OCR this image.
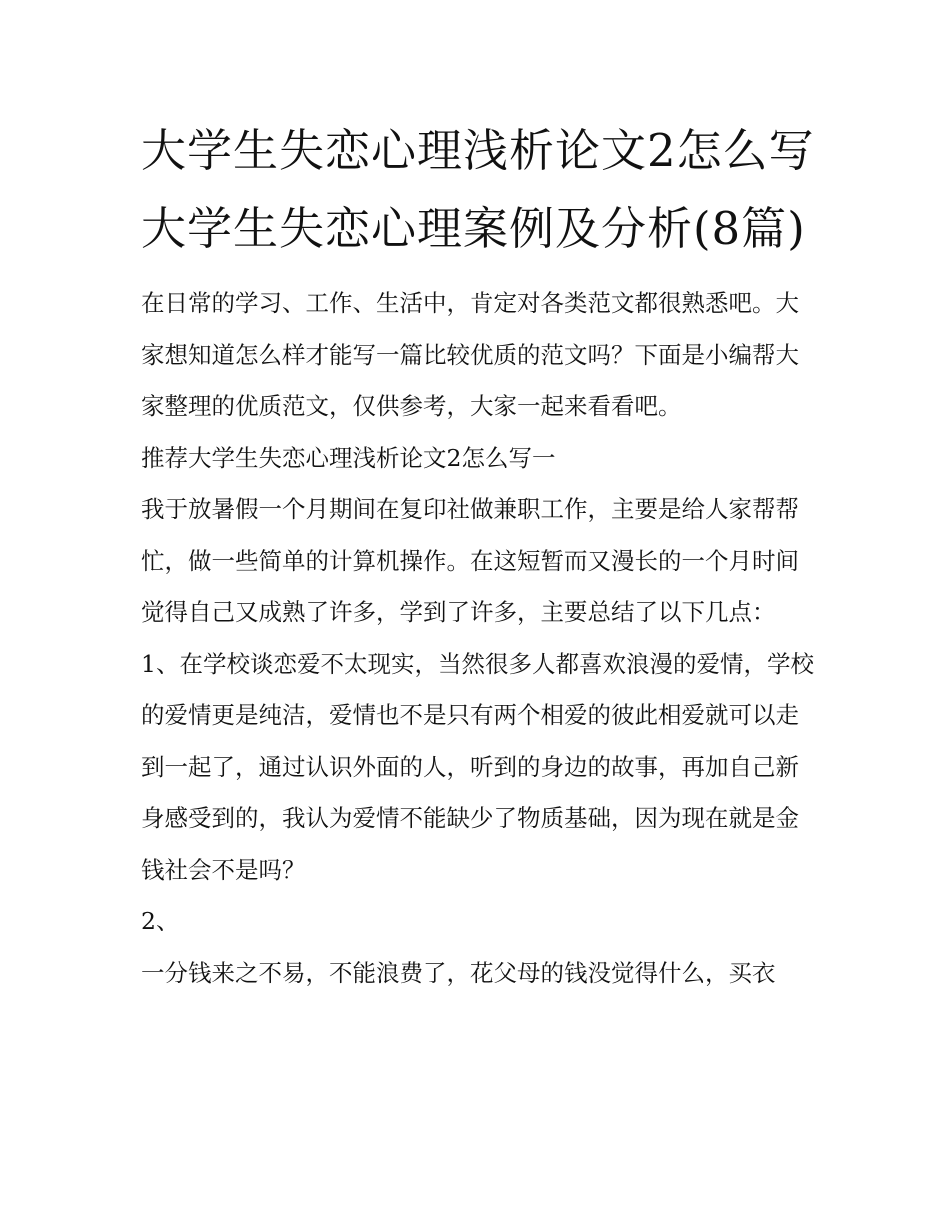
大学生失恋心理浅析论文2怎么写 大学生失恋心理案例及分析(8篇)

在日常的学习、工作、生活中，肯定对各类范文都很熟悉吧。大家想知道怎么样才能写一篇比较优质的范文吗？下面是小编帮大家整理的优质范文，仅供参考，大家一起来看看吧。

推荐大学生失恋心理浅析论文2怎么写一

我于放暑假一个月期间在复印社做兼职工作，主要是给人家帮帮忙，做一些简单的计算机操作。在这短暂而又漫长的一个月时间觉得自己又成熟了许多，学到了许多，主要总结了以下几点：

1、在学校谈恋爱不太现实，当然很多人都喜欢浪漫的爱情，学校的爱情更是纯洁，爱情也不是只有两个相爱的彼此相爱就可以走到一起了，通过认识外面的人，听到的身边的故事，再加自己新身感受到的，我认为爱情不能缺少了物质基础，因为现在就是金钱社会不是吗？

2、

一分钱来之不易，不能浪费了，花父母的钱没觉得什么，买衣
